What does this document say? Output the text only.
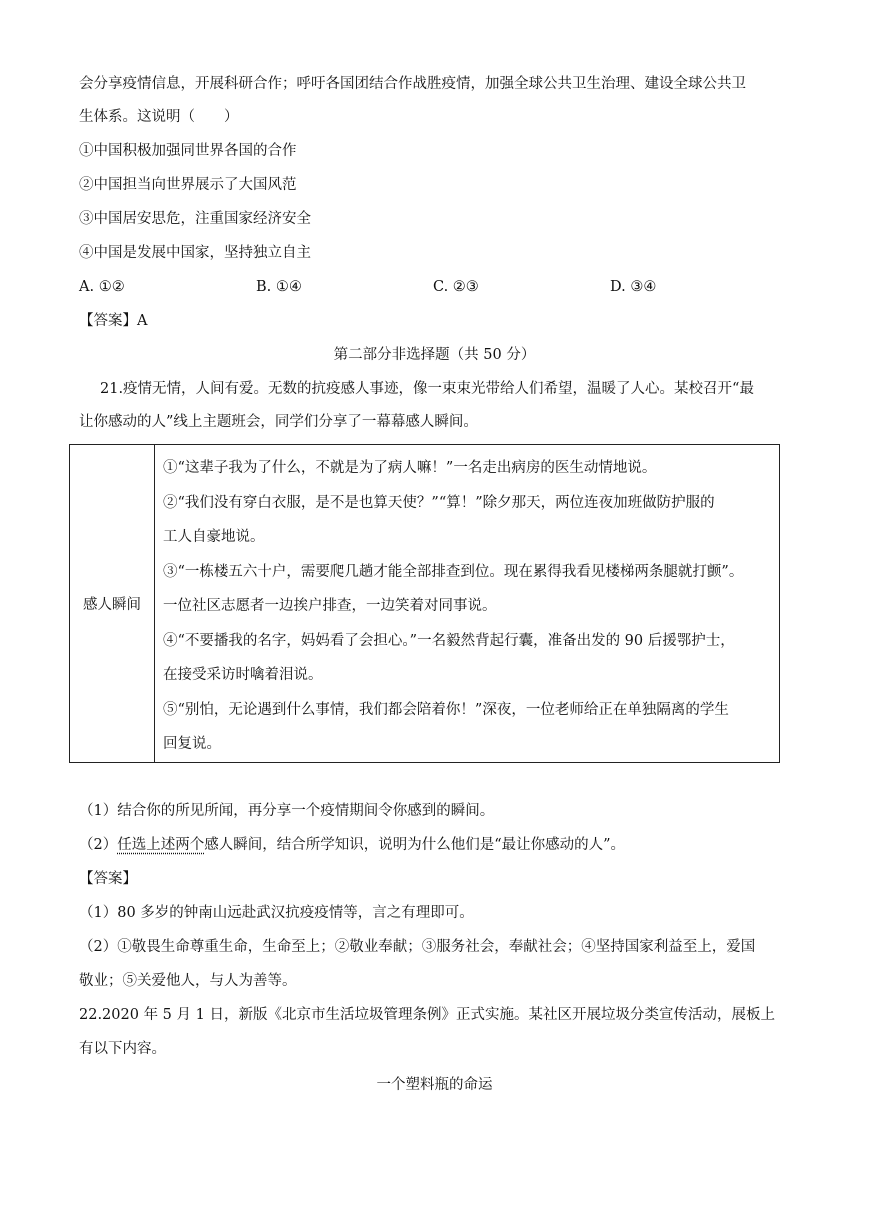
会分享疫情信息，开展科研合作；呼吁各国团结合作战胜疫情，加强全球公共卫生治理、建设全球公共卫
生体系。这说明（　　）
①中国积极加强同世界各国的合作
②中国担当向世界展示了大国风范
③中国居安思危，注重国家经济安全
④中国是发展中国家，坚持独立自主
A. ①②	B. ①④	C. ②③	D. ③④
【答案】A
第二部分非选择题（共 50 分）
21.疫情无情，人间有爱。无数的抗疫感人事迹，像一束束光带给人们希望，温暖了人心。某校召开“最
让你感动的人”线上主题班会，同学们分享了一幕幕感人瞬间。
感人瞬间	
①“这辈子我为了什么，不就是为了病人嘛！”一名走出病房的医生动情地说。
②“我们没有穿白衣服，是不是也算天使？”“算！”除夕那天，两位连夜加班做防护服的
工人自豪地说。
③“一栋楼五六十户，需要爬几趟才能全部排查到位。现在累得我看见楼梯两条腿就打颤”。
一位社区志愿者一边挨户排查，一边笑着对同事说。
④“不要播我的名字，妈妈看了会担心。”一名毅然背起行囊，准备出发的 90 后援鄂护士，
在接受采访时噙着泪说。
⑤“别怕，无论遇到什么事情，我们都会陪着你！”深夜，一位老师给正在单独隔离的学生
回复说。
（1）结合你的所见所闻，再分享一个疫情期间令你感到的瞬间。
（2）任选上述两个感人瞬间，结合所学知识，说明为什么他们是“最让你感动的人”。
【答案】
（1）80 多岁的钟南山远赴武汉抗疫疫情等，言之有理即可。
（2）①敬畏生命尊重生命，生命至上；②敬业奉献；③服务社会，奉献社会；④坚持国家利益至上，爱国
敬业；⑤关爱他人，与人为善等。
22.2020 年 5 月 1 日，新版《北京市生活垃圾管理条例》正式实施。某社区开展垃圾分类宣传活动，展板上
有以下内容。
一个塑料瓶的命运
